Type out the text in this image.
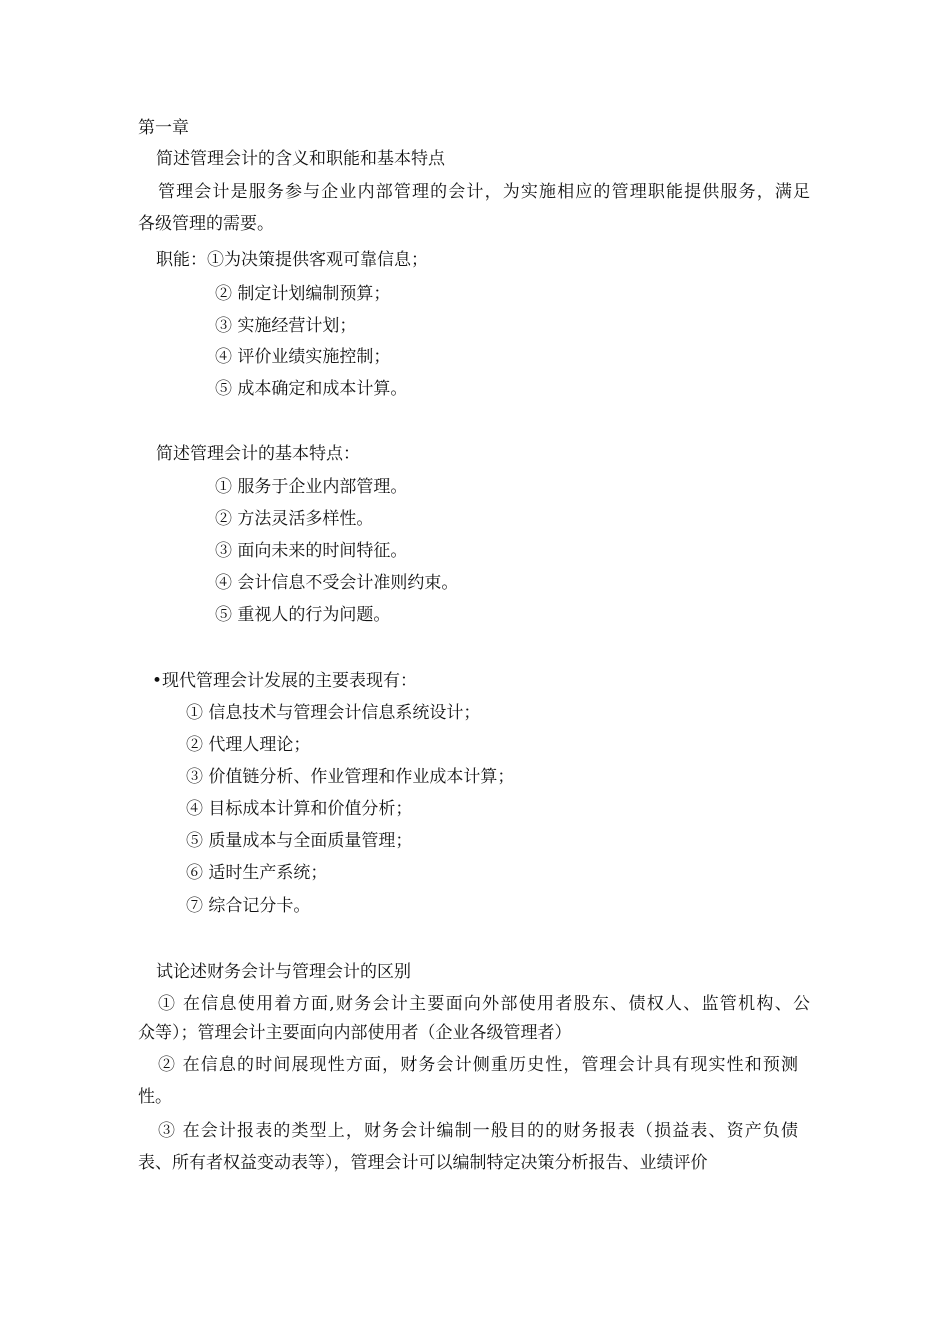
第一章
简述管理会计的含义和职能和基本特点
管理会计是服务参与企业内部管理的会计，为实施相应的管理职能提供服务，满足
各级管理的需要。
职能：①为决策提供客观可靠信息；
② 制定计划编制预算；
③ 实施经营计划；
④ 评价业绩实施控制；
⑤ 成本确定和成本计算。
简述管理会计的基本特点：
① 服务于企业内部管理。
② 方法灵活多样性。
③ 面向未来的时间特征。
④ 会计信息不受会计准则约束。
⑤ 重视人的行为问题。
•现代管理会计发展的主要表现有：
① 信息技术与管理会计信息系统设计；
② 代理人理论；
③ 价值链分析、作业管理和作业成本计算；
④ 目标成本计算和价值分析；
⑤ 质量成本与全面质量管理；
⑥ 适时生产系统；
⑦ 综合记分卡。
试论述财务会计与管理会计的区别
① 在信息使用着方面,财务会计主要面向外部使用者股东、债权人、监管机构、公
众等）；管理会计主要面向内部使用者（企业各级管理者）
② 在信息的时间展现性方面，财务会计侧重历史性，管理会计具有现实性和预测
性。
③ 在会计报表的类型上，财务会计编制一般目的的财务报表（损益表、资产负债
表、所有者权益变动表等），管理会计可以编制特定决策分析报告、业绩评价
